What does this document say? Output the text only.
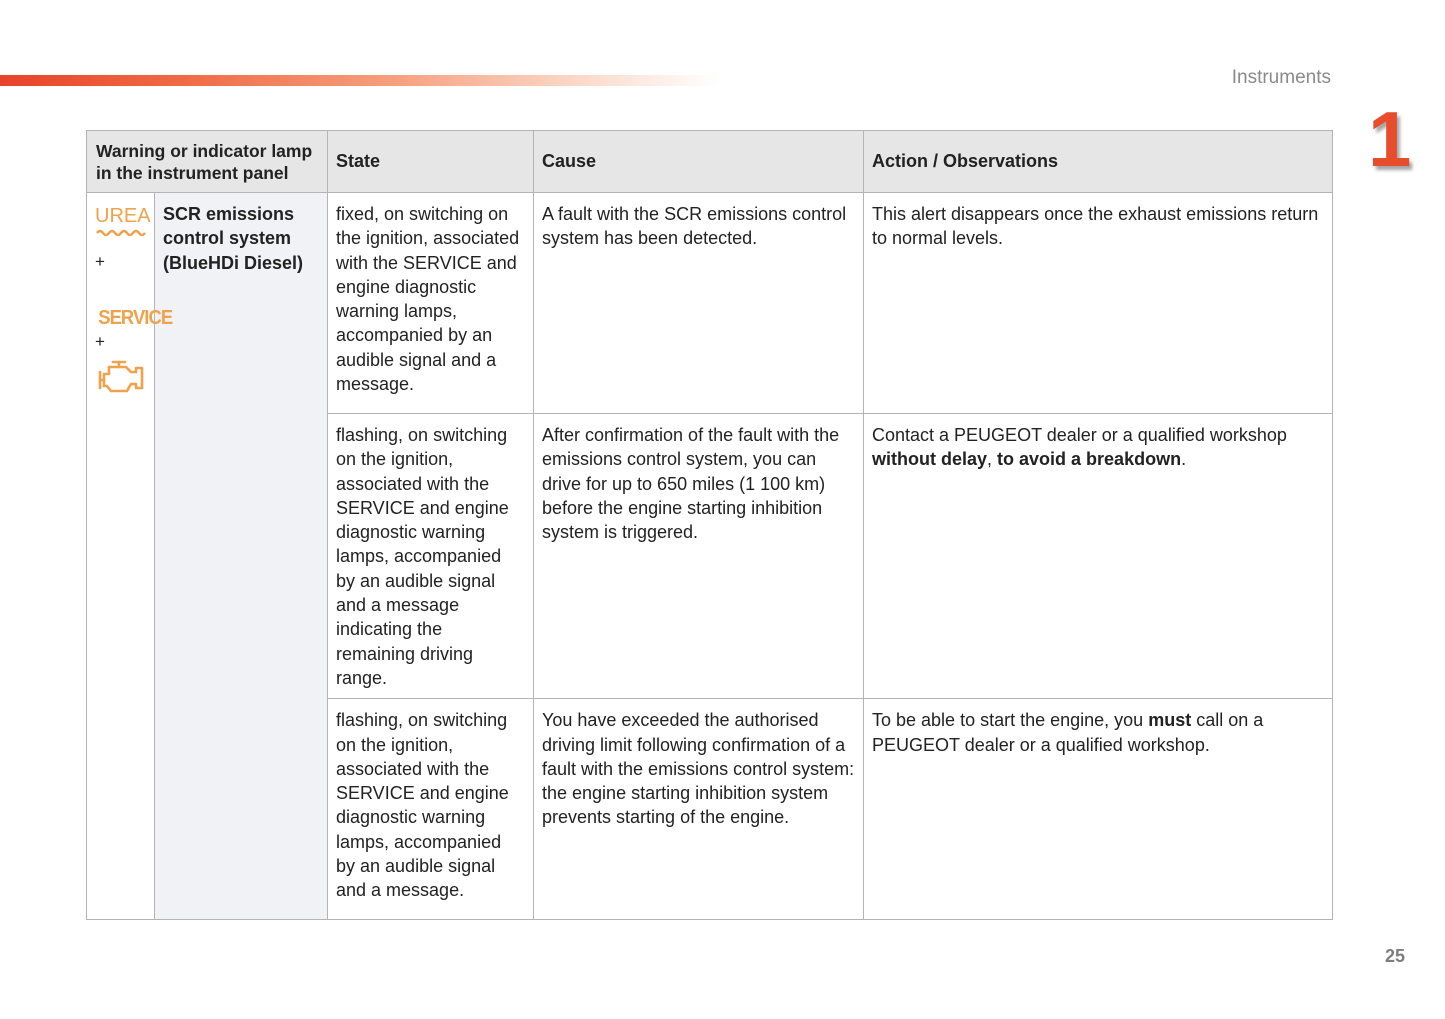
Instruments
1
Warning or indicator lamp in the instrument panel		State	Cause	Action / Observations

UREA
+
SERVICE
+	SCR emissions control system (BlueHDi Diesel)	fixed, on switching on the ignition, associated with the SERVICE and engine diagnostic warning lamps, accompanied by an audible signal and a message.	A fault with the SCR emissions control system has been detected.	This alert disappears once the exhaust emissions return to normal levels.
		flashing, on switching on the ignition, associated with the SERVICE and engine diagnostic warning lamps, accompanied by an audible signal and a message indicating the remaining driving range.	After confirmation of the fault with the emissions control system, you can drive for up to 650 miles (1 100 km) before the engine starting inhibition system is triggered.	Contact a PEUGEOT dealer or a qualified workshop without delay, to avoid a breakdown.
		flashing, on switching on the ignition, associated with the SERVICE and engine diagnostic warning lamps, accompanied by an audible signal and a message.	You have exceeded the authorised driving limit following confirmation of a fault with the emissions control system: the engine starting inhibition system prevents starting of the engine.	To be able to start the engine, you must call on a PEUGEOT dealer or a qualified workshop.
25
